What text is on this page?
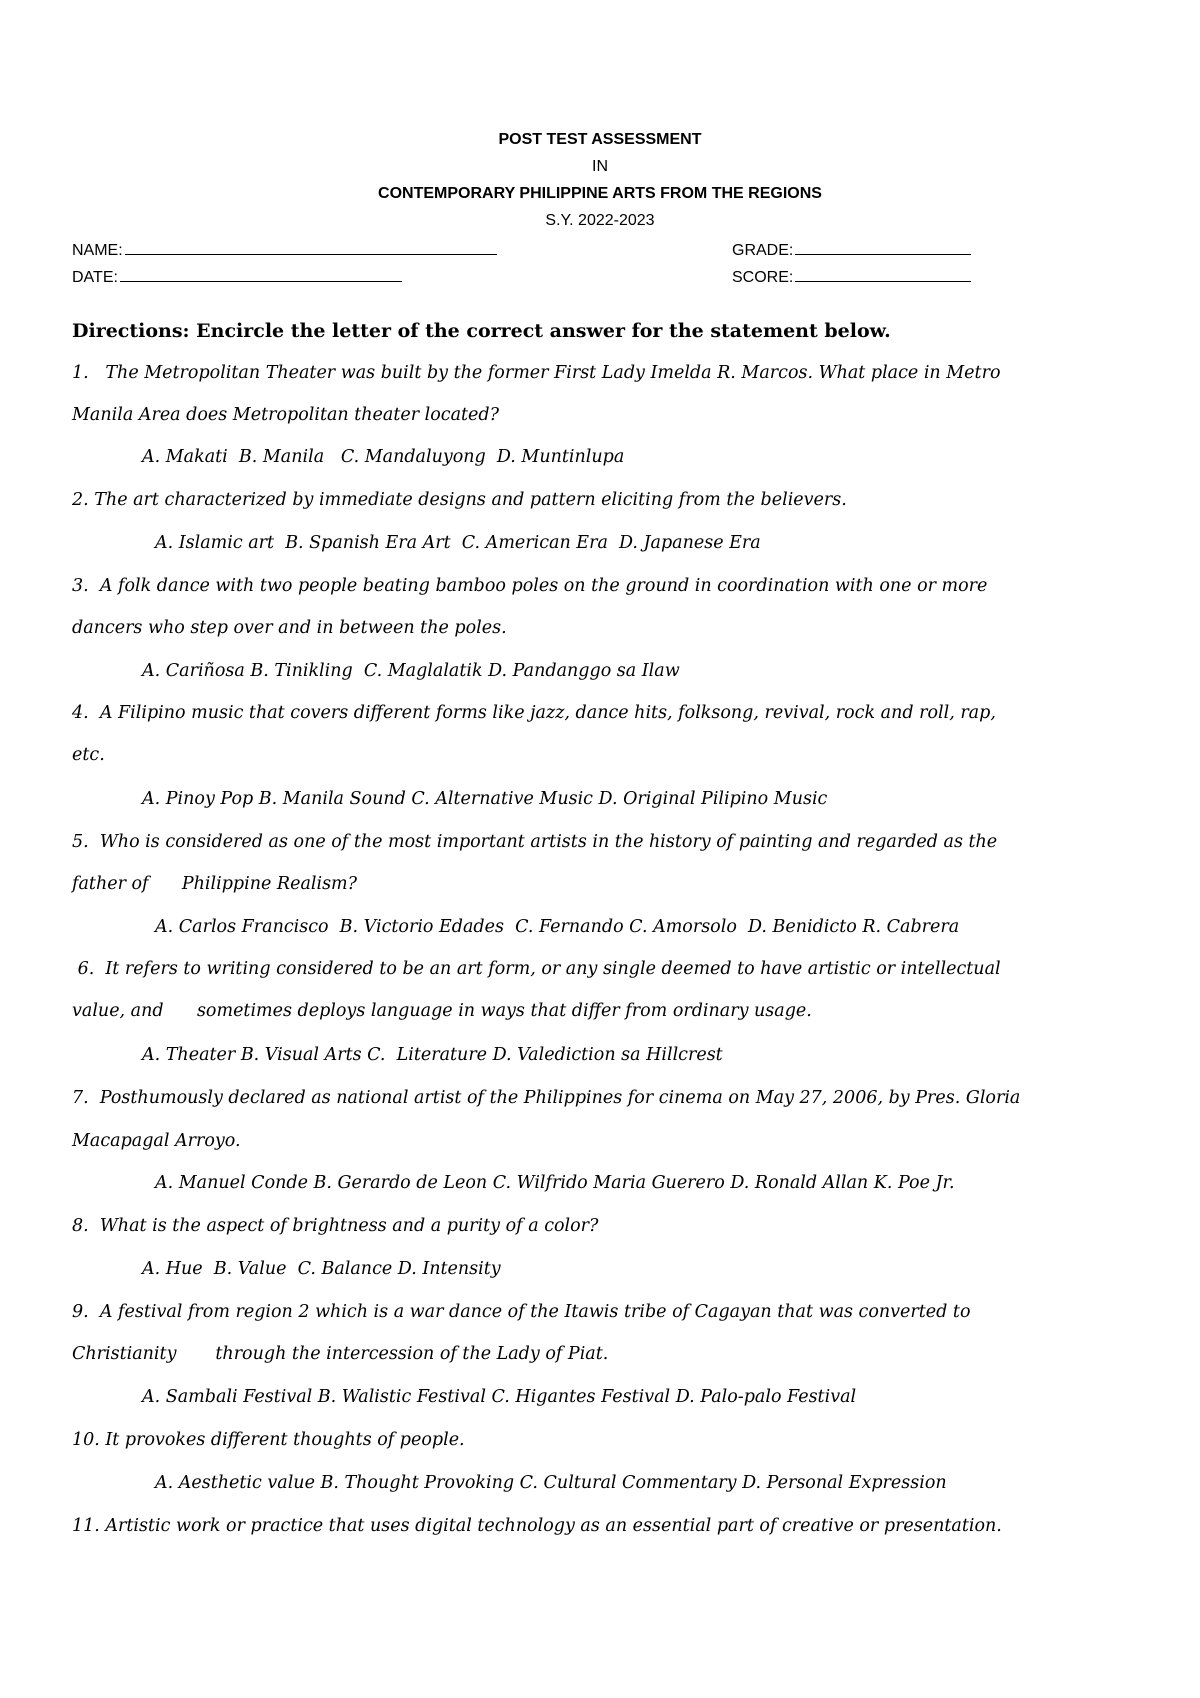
POST TEST ASSESSMENT
IN
CONTEMPORARY PHILIPPINE ARTS FROM THE REGIONS
S.Y. 2022-2023
NAME:	GRADE:
DATE:	SCORE:
Directions: Encircle the letter of the correct answer for the statement below.
1.   The Metropolitan Theater was built by the former First Lady Imelda R. Marcos. What place in Metro
Manila Area does Metropolitan theater located?
A. Makati  B. Manila   C. Mandaluyong  D. Muntinlupa
2. The art characterized by immediate designs and pattern eliciting from the believers.
A. Islamic art  B. Spanish Era Art  C. American Era  D. Japanese Era
3.  A folk dance with two people beating bamboo poles on the ground in coordination with one or more
dancers who step over and in between the poles.
A. Cariñosa B. Tinikling  C. Maglalatik D. Pandanggo sa Ilaw
4.  A Filipino music that covers different forms like jazz, dance hits, folksong, revival, rock and roll, rap,
etc.
A. Pinoy Pop B. Manila Sound C. Alternative Music D. Original Pilipino Music
5.  Who is considered as one of the most important artists in the history of painting and regarded as the
father of      Philippine Realism?
A. Carlos Francisco  B. Victorio Edades  C. Fernando C. Amorsolo  D. Benidicto R. Cabrera
6.  It refers to writing considered to be an art form, or any single deemed to have artistic or intellectual
value, and      sometimes deploys language in ways that differ from ordinary usage.
A. Theater B. Visual Arts C.  Literature D. Valediction sa Hillcrest
7.  Posthumously declared as national artist of the Philippines for cinema on May 27, 2006, by Pres. Gloria
Macapagal Arroyo.
A. Manuel Conde B. Gerardo de Leon C. Wilfrido Maria Guerero D. Ronald Allan K. Poe Jr.
8.  What is the aspect of brightness and a purity of a color?
A. Hue  B. Value  C. Balance D. Intensity
9.  A festival from region 2 which is a war dance of the Itawis tribe of Cagayan that was converted to
Christianity       through the intercession of the Lady of Piat.
A. Sambali Festival B. Walistic Festival C. Higantes Festival D. Palo-palo Festival
10. It provokes different thoughts of people.
A. Aesthetic value B. Thought Provoking C. Cultural Commentary D. Personal Expression
11. Artistic work or practice that uses digital technology as an essential part of creative or presentation.
